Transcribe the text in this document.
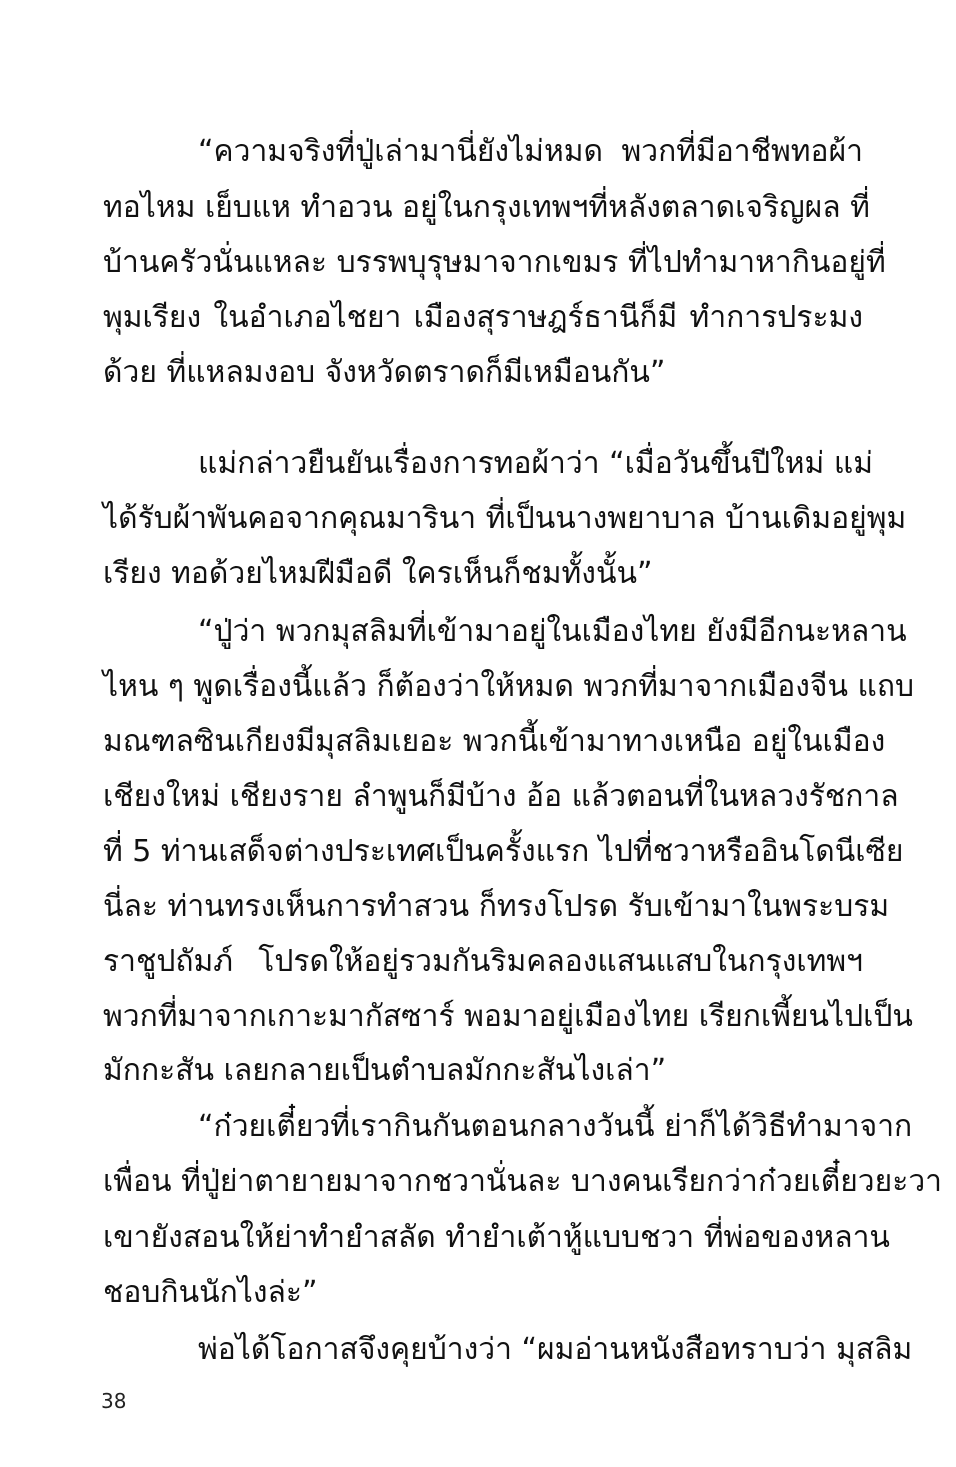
“ความจริงที่ปู่เล่ามานี่ยังไม่หมด พวกที่มีอาชีพทอผ้า
ทอไหม เย็บแห ทำอวน อยู่ในกรุงเทพฯที่หลังตลาดเจริญผล ที่
บ้านครัวนั่นแหละ บรรพบุรุษมาจากเขมร ที่ไปทำมาหากินอยู่ที่
พุมเรียง ในอำเภอไชยา เมืองสุราษฎร์ธานีก็มี ทำการประมง
ด้วย ที่แหลมงอบ จังหวัดตราดก็มีเหมือนกัน”
แม่กล่าวยืนยันเรื่องการทอผ้าว่า “เมื่อวันขึ้นปีใหม่ แม่
ได้รับผ้าพันคอจากคุณมารินา ที่เป็นนางพยาบาล บ้านเดิมอยู่พุม
เรียง ทอด้วยไหมฝีมือดี ใครเห็นก็ชมทั้งนั้น”
“ปู่ว่า พวกมุสลิมที่เข้ามาอยู่ในเมืองไทย ยังมีอีกนะหลาน
ไหน ๆ พูดเรื่องนี้แล้ว ก็ต้องว่าให้หมด พวกที่มาจากเมืองจีน แถบ
มณฑลซินเกียงมีมุสลิมเยอะ พวกนี้เข้ามาทางเหนือ อยู่ในเมือง
เชียงใหม่ เชียงราย ลำพูนก็มีบ้าง อ้อ แล้วตอนที่ในหลวงรัชกาล
ที่ 5 ท่านเสด็จต่างประเทศเป็นครั้งแรก ไปที่ชวาหรืออินโดนีเซีย
นี่ละ ท่านทรงเห็นการทำสวน ก็ทรงโปรด รับเข้ามาในพระบรม
ราชูปถัมภ์ โปรดให้อยู่รวมกันริมคลองแสนแสบในกรุงเทพฯ
พวกที่มาจากเกาะมากัสซาร์ พอมาอยู่เมืองไทย เรียกเพี้ยนไปเป็น
มักกะสัน เลยกลายเป็นตำบลมักกะสันไงเล่า”
“ก๋วยเตี๋ยวที่เรากินกันตอนกลางวันนี้ ย่าก็ได้วิธีทำมาจาก
เพื่อน ที่ปู่ย่าตายายมาจากชวานั่นละ บางคนเรียกว่าก๋วยเตี๋ยวยะวา
เขายังสอนให้ย่าทำยำสลัด ทำยำเต้าหู้แบบชวา ที่พ่อของหลาน
ชอบกินนักไงล่ะ”
พ่อได้โอกาสจึงคุยบ้างว่า “ผมอ่านหนังสือทราบว่า มุสลิม
38
